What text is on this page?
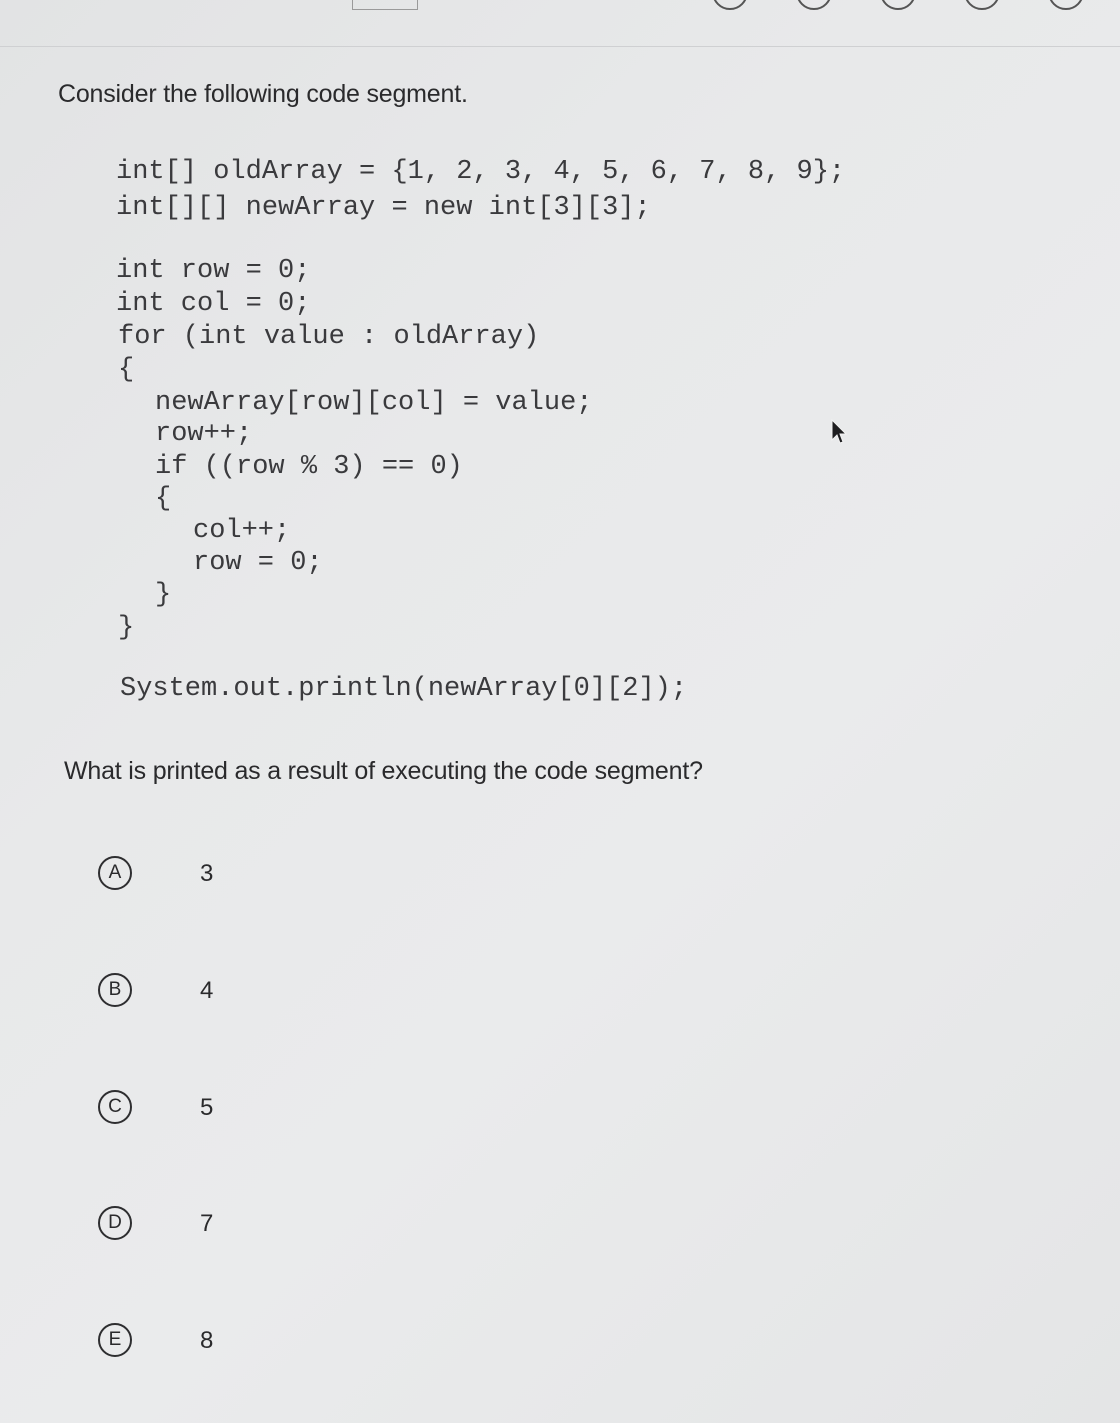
Consider the following code segment.
int[] oldArray = {1, 2, 3, 4, 5, 6, 7, 8, 9};
int[][] newArray = new int[3][3];
int row = 0;
int col = 0;
for (int value : oldArray)
{
newArray[row][col] = value;
row++;
if ((row % 3) == 0)
{
col++;
row = 0;
}
}
System.out.println(newArray[0][2]);
What is printed as a result of executing the code segment?
A	3
B	4
C	5
D	7
E	8
